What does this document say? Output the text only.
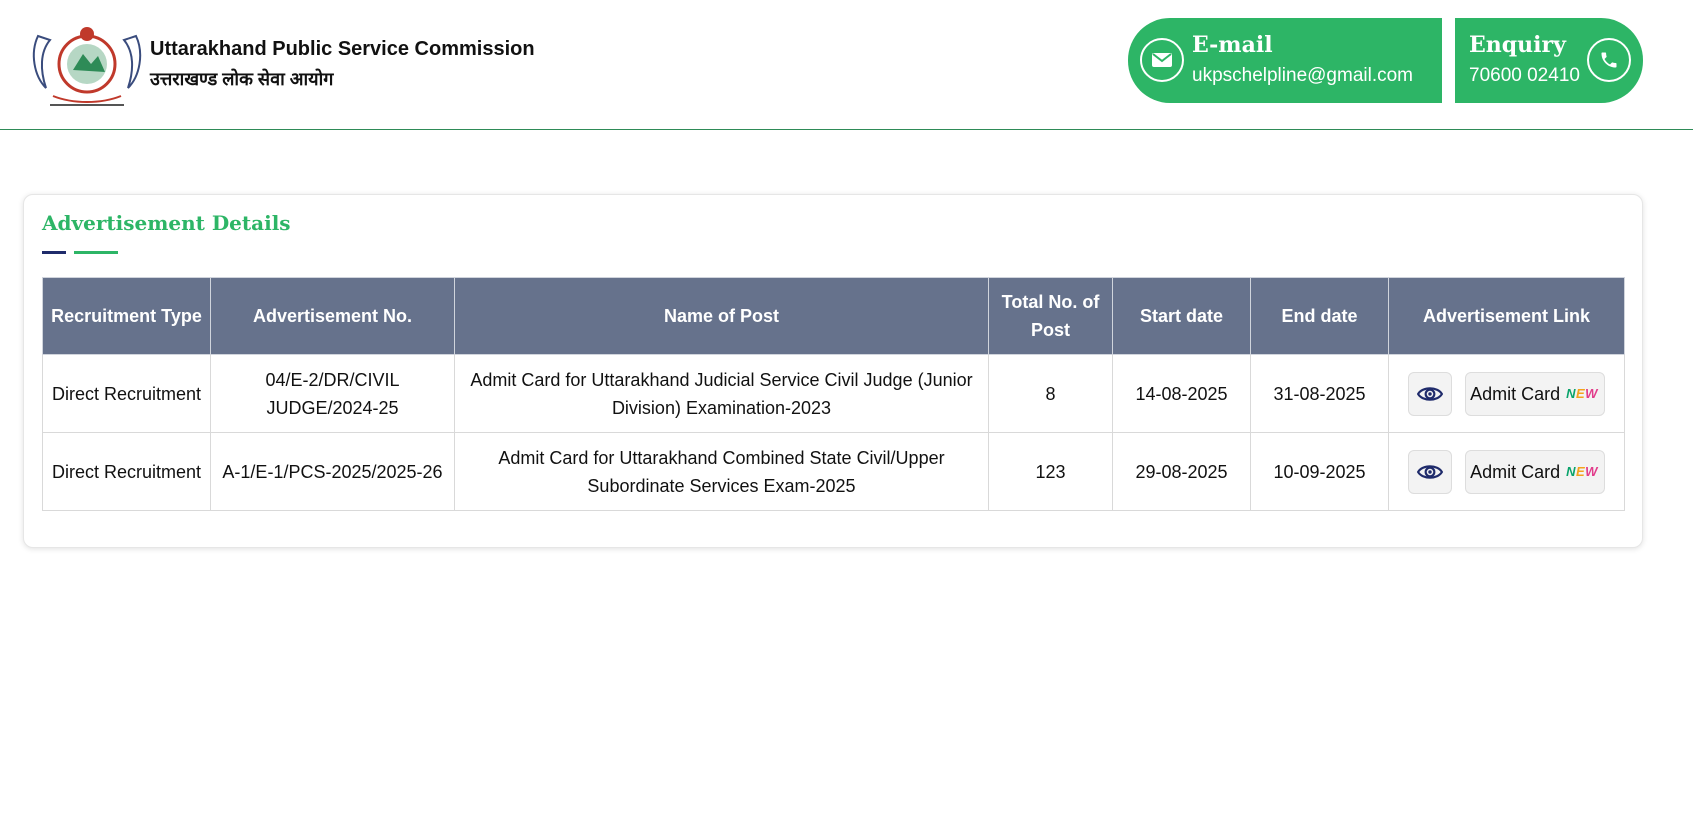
Uttarakhand Public Service Commission
उत्तराखण्ड लोक सेवा आयोग
E-mail
ukpschelpline@gmail.com
Enquiry
70600 02410
Advertisement Details
Recruitment Type	Advertisement No.	Name of Post	Total No. of Post	Start date	End date	Advertisement Link
Direct Recruitment	04/E-2/DR/CIVIL JUDGE/2024-25	Admit Card for Uttarakhand Judicial Service Civil Judge (Junior Division) Examination-2023	8	14-08-2025	31-08-2025	Admit Card NEW

Direct Recruitment	A-1/E-1/PCS-2025/2025-26	Admit Card for Uttarakhand Combined State Civil/Upper Subordinate Services Exam-2025	123	29-08-2025	10-09-2025	Admit Card NEW
